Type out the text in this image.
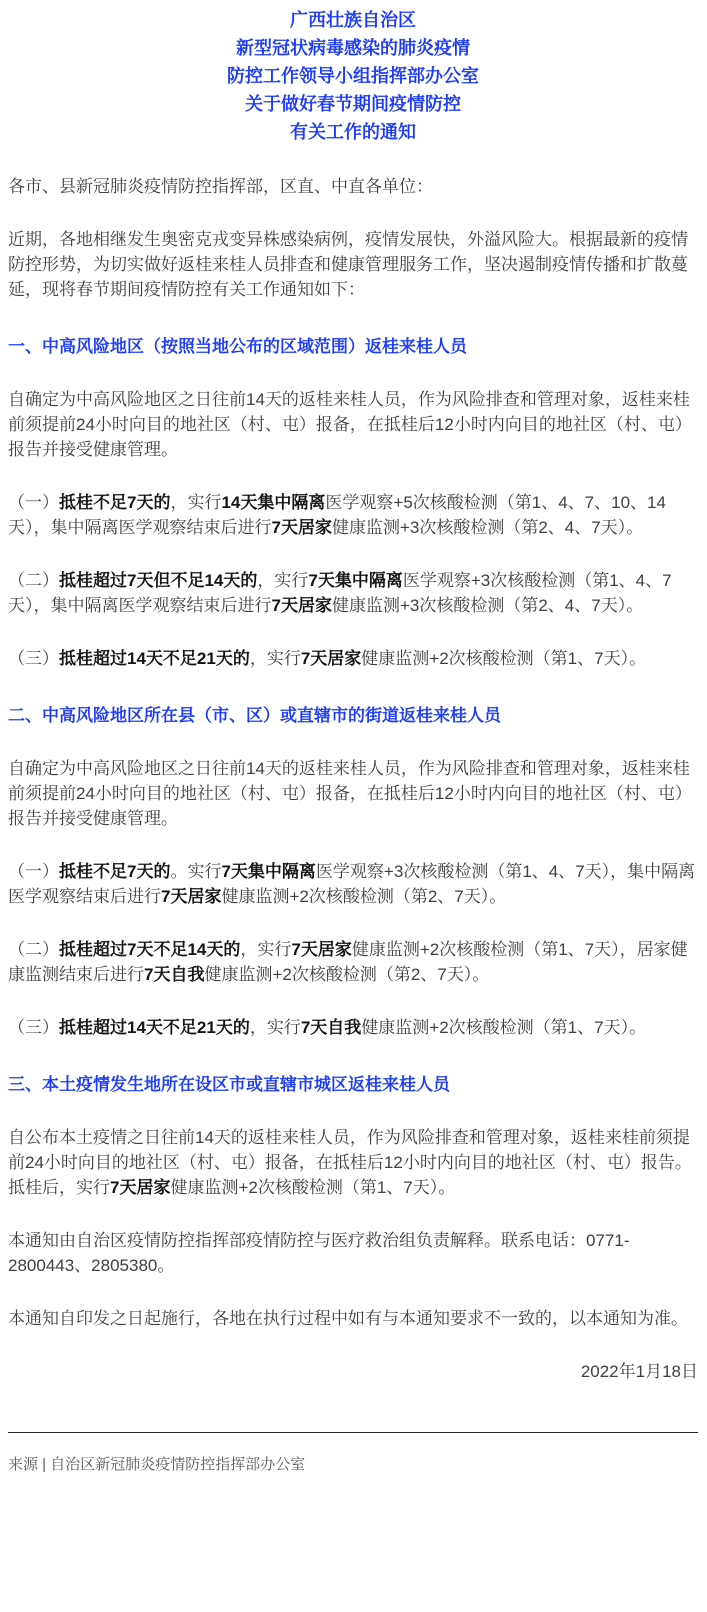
广西壮族自治区
新型冠状病毒感染的肺炎疫情
防控工作领导小组指挥部办公室
关于做好春节期间疫情防控
有关工作的通知

各市、县新冠肺炎疫情防控指挥部，区直、中直各单位：

近期，各地相继发生奥密克戎变异株感染病例，疫情发展快，外溢风险大。根据最新的疫情防控形势，为切实做好返桂来桂人员排查和健康管理服务工作，坚决遏制疫情传播和扩散蔓延，现将春节期间疫情防控有关工作通知如下：

一、中高风险地区（按照当地公布的区域范围）返桂来桂人员

自确定为中高风险地区之日往前14天的返桂来桂人员，作为风险排查和管理对象，返桂来桂前须提前24小时向目的地社区（村、屯）报备，在抵桂后12小时内向目的地社区（村、屯）报告并接受健康管理。

（一）抵桂不足7天的，实行14天集中隔离医学观察+5次核酸检测（第1、4、7、10、14天），集中隔离医学观察结束后进行7天居家健康监测+3次核酸检测（第2、4、7天）。

（二）抵桂超过7天但不足14天的，实行7天集中隔离医学观察+3次核酸检测（第1、4、7天），集中隔离医学观察结束后进行7天居家健康监测+3次核酸检测（第2、4、7天）。

（三）抵桂超过14天不足21天的，实行7天居家健康监测+2次核酸检测（第1、7天）。

二、中高风险地区所在县（市、区）或直辖市的街道返桂来桂人员

自确定为中高风险地区之日往前14天的返桂来桂人员，作为风险排查和管理对象，返桂来桂前须提前24小时向目的地社区（村、屯）报备，在抵桂后12小时内向目的地社区（村、屯）报告并接受健康管理。

（一）抵桂不足7天的。实行7天集中隔离医学观察+3次核酸检测（第1、4、7天），集中隔离医学观察结束后进行7天居家健康监测+2次核酸检测（第2、7天）。

（二）抵桂超过7天不足14天的，实行7天居家健康监测+2次核酸检测（第1、7天），居家健康监测结束后进行7天自我健康监测+2次核酸检测（第2、7天）。

（三）抵桂超过14天不足21天的，实行7天自我健康监测+2次核酸检测（第1、7天）。

三、本土疫情发生地所在设区市或直辖市城区返桂来桂人员

自公布本土疫情之日往前14天的返桂来桂人员，作为风险排查和管理对象，返桂来桂前须提前24小时向目的地社区（村、屯）报备，在抵桂后12小时内向目的地社区（村、屯）报告。抵桂后，实行7天居家健康监测+2次核酸检测（第1、7天）。

本通知由自治区疫情防控指挥部疫情防控与医疗救治组负责解释。联系电话：0771-2800443、2805380。

本通知自印发之日起施行，各地在执行过程中如有与本通知要求不一致的，以本通知为准。

2022年1月18日

来源 | 自治区新冠肺炎疫情防控指挥部办公室
